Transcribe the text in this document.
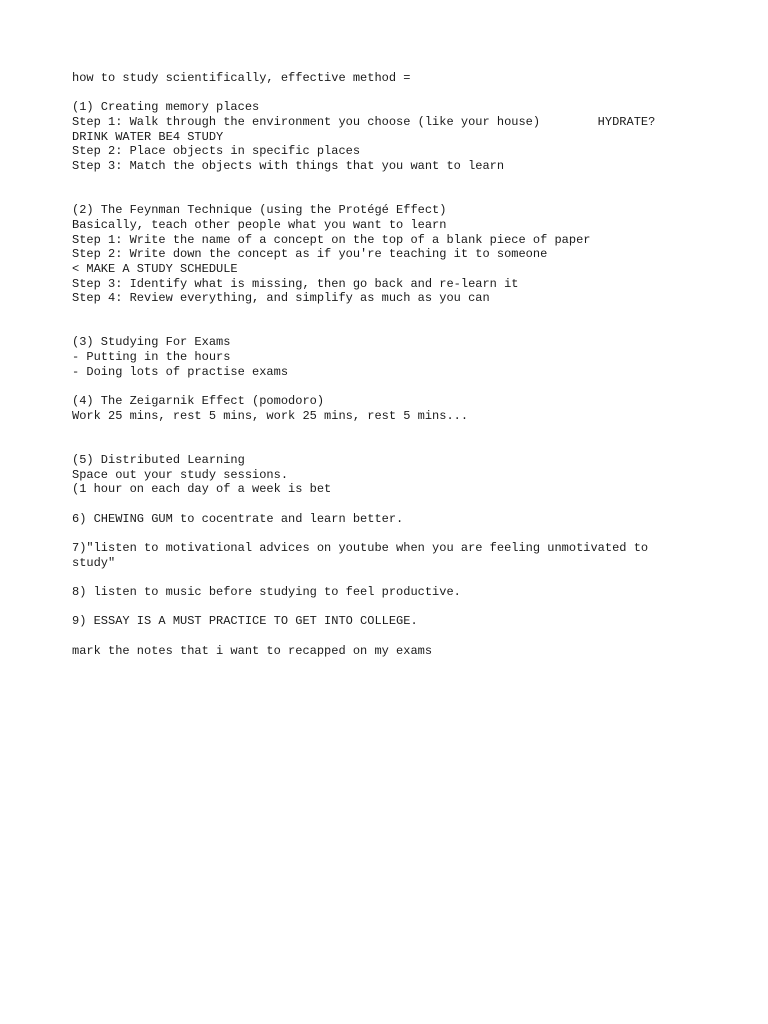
how to study scientifically, effective method =
(1) Creating memory places
Step 1: Walk through the environment you choose (like your house)        HYDRATE?
DRINK WATER BE4 STUDY
Step 2: Place objects in specific places
Step 3: Match the objects with things that you want to learn
(2) The Feynman Technique (using the Protégé Effect)
Basically, teach other people what you want to learn
Step 1: Write the name of a concept on the top of a blank piece of paper
Step 2: Write down the concept as if you're teaching it to someone
< MAKE A STUDY SCHEDULE
Step 3: Identify what is missing, then go back and re-learn it
Step 4: Review everything, and simplify as much as you can
(3) Studying For Exams
- Putting in the hours
- Doing lots of practise exams
(4) The Zeigarnik Effect (pomodoro)
Work 25 mins, rest 5 mins, work 25 mins, rest 5 mins...
(5) Distributed Learning
Space out your study sessions.
(1 hour on each day of a week is bet
6) CHEWING GUM to cocentrate and learn better.
7)"listen to motivational advices on youtube when you are feeling unmotivated to
study"
8) listen to music before studying to feel productive.
9) ESSAY IS A MUST PRACTICE TO GET INTO COLLEGE.
mark the notes that i want to recapped on my exams
